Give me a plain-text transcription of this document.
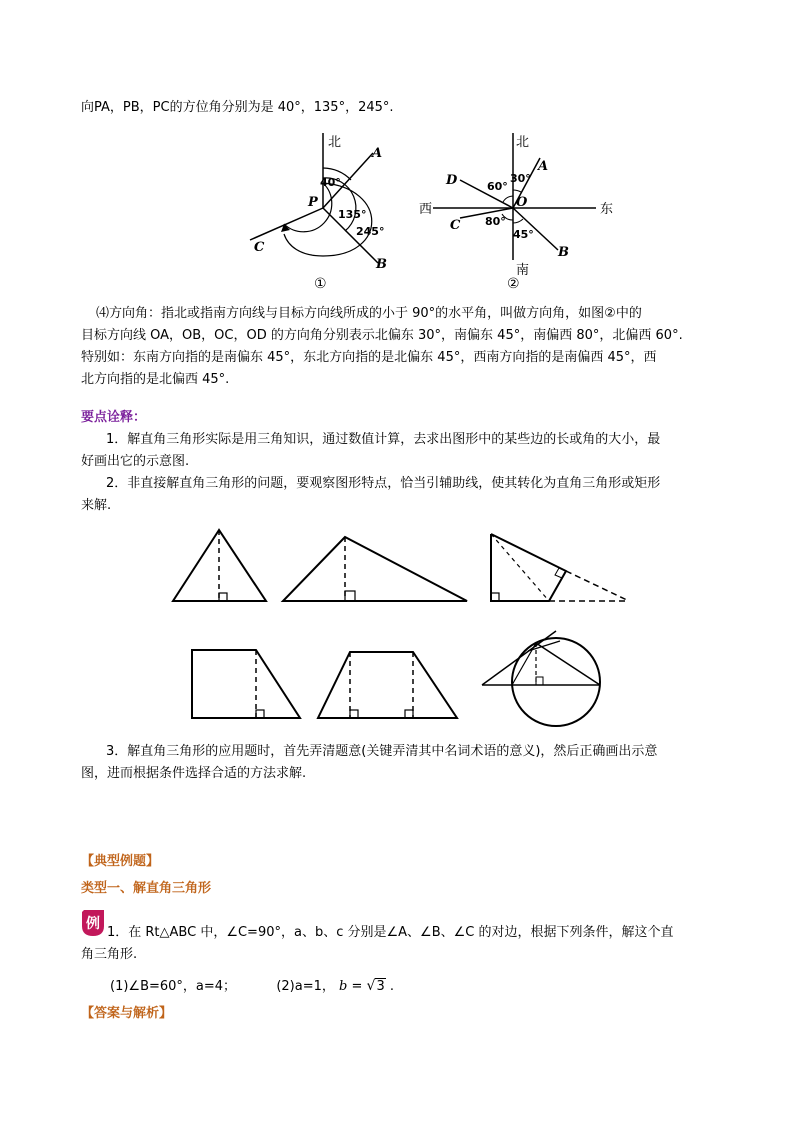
向PA，PB，PC的方位角分别为是 40°，135°，245°.
北
A
B
C
P
40°
135°
245°
①
北
南
西	东
A
B
C
D
O
30°
60°
80°
45°
②
⑷方向角：指北或指南方向线与目标方向线所成的小于 90°的水平角，叫做方向角，如图②中的
目标方向线 OA，OB，OC，OD 的方向角分别表示北偏东 30°，南偏东 45°，南偏西 80°，北偏西 60°.
特别如：东南方向指的是南偏东 45°，东北方向指的是北偏东 45°，西南方向指的是南偏西 45°，西
北方向指的是北偏西 45°.
要点诠释：
1．解直角三角形实际是用三角知识，通过数值计算，去求出图形中的某些边的长或角的大小，最
好画出它的示意图.
2．非直接解直角三角形的问题，要观察图形特点，恰当引辅助线，使其转化为直角三角形或矩形
来解.
3．解直角三角形的应用题时，首先弄清题意(关键弄清其中名词术语的意义)，然后正确画出示意
图，进而根据条件选择合适的方法求解.
【典型例题】
类型一、解直角三角形
例
1．在 Rt△ABC 中，∠C=90°，a、b、c 分别是∠A、∠B、∠C 的对边，根据下列条件，解这个直
角三角形.
(1)∠B=60°，a=4；	(2)a=1， b = √3 .
【答案与解析】
